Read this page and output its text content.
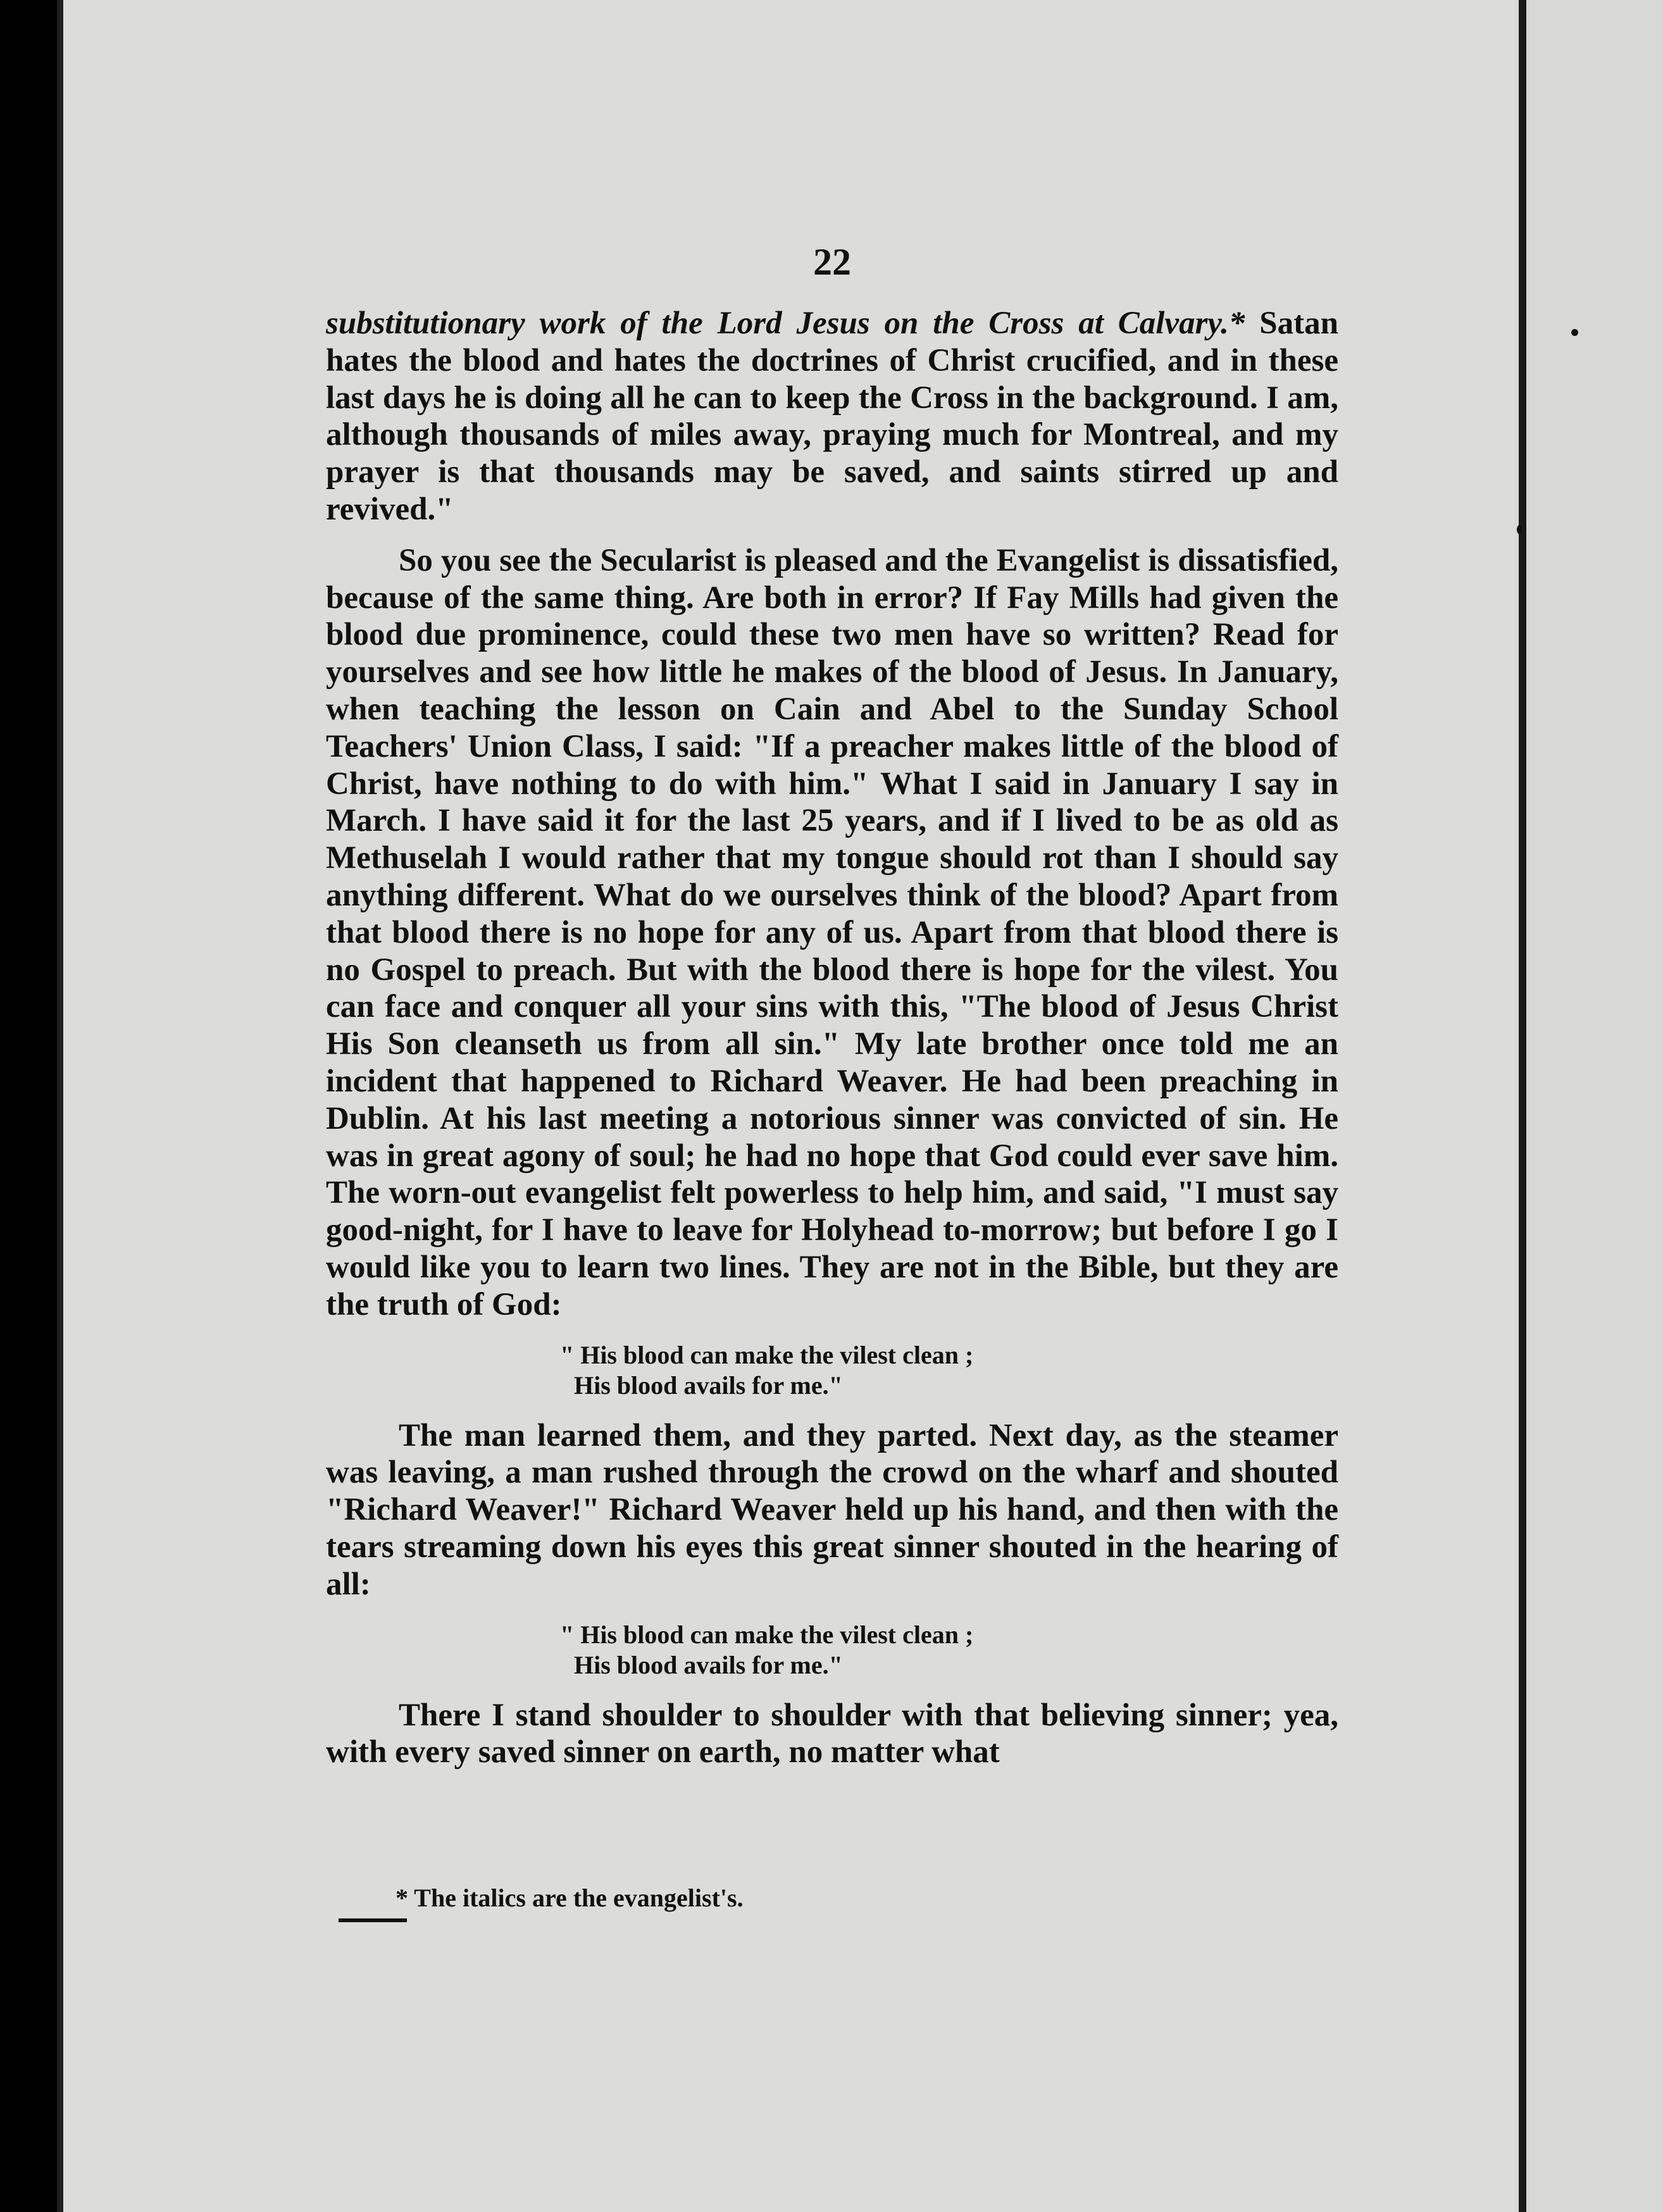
22

substitutionary work of the Lord Jesus on the Cross at Calvary.* Satan hates the blood and hates the doctrines of Christ crucified, and in these last days he is doing all he can to keep the Cross in the background. I am, although thousands of miles away, praying much for Montreal, and my prayer is that thousands may be saved, and saints stirred up and revived."

So you see the Secularist is pleased and the Evangelist is dissatisfied, because of the same thing. Are both in error? If Fay Mills had given the blood due prominence, could these two men have so written? Read for yourselves and see how little he makes of the blood of Jesus. In January, when teaching the lesson on Cain and Abel to the Sunday School Teachers' Union Class, I said: "If a preacher makes little of the blood of Christ, have nothing to do with him." What I said in January I say in March. I have said it for the last 25 years, and if I lived to be as old as Methuselah I would rather that my tongue should rot than I should say anything different. What do we ourselves think of the blood? Apart from that blood there is no hope for any of us. Apart from that blood there is no Gospel to preach. But with the blood there is hope for the vilest. You can face and conquer all your sins with this, "The blood of Jesus Christ His Son cleanseth us from all sin." My late brother once told me an incident that happened to Richard Weaver. He had been preaching in Dublin. At his last meeting a notorious sinner was convicted of sin. He was in great agony of soul; he had no hope that God could ever save him. The worn-out evangelist felt powerless to help him, and said, "I must say good-night, for I have to leave for Holyhead to-morrow; but before I go I would like you to learn two lines. They are not in the Bible, but they are the truth of God:

" His blood can make the vilest clean ;

His blood avails for me."

The man learned them, and they parted. Next day, as the steamer was leaving, a man rushed through the crowd on the wharf and shouted "Richard Weaver!" Richard Weaver held up his hand, and then with the tears streaming down his eyes this great sinner shouted in the hearing of all:

" His blood can make the vilest clean ;

His blood avails for me."

There I stand shoulder to shoulder with that believing sinner; yea, with every saved sinner on earth, no matter what

* The italics are the evangelist's.
